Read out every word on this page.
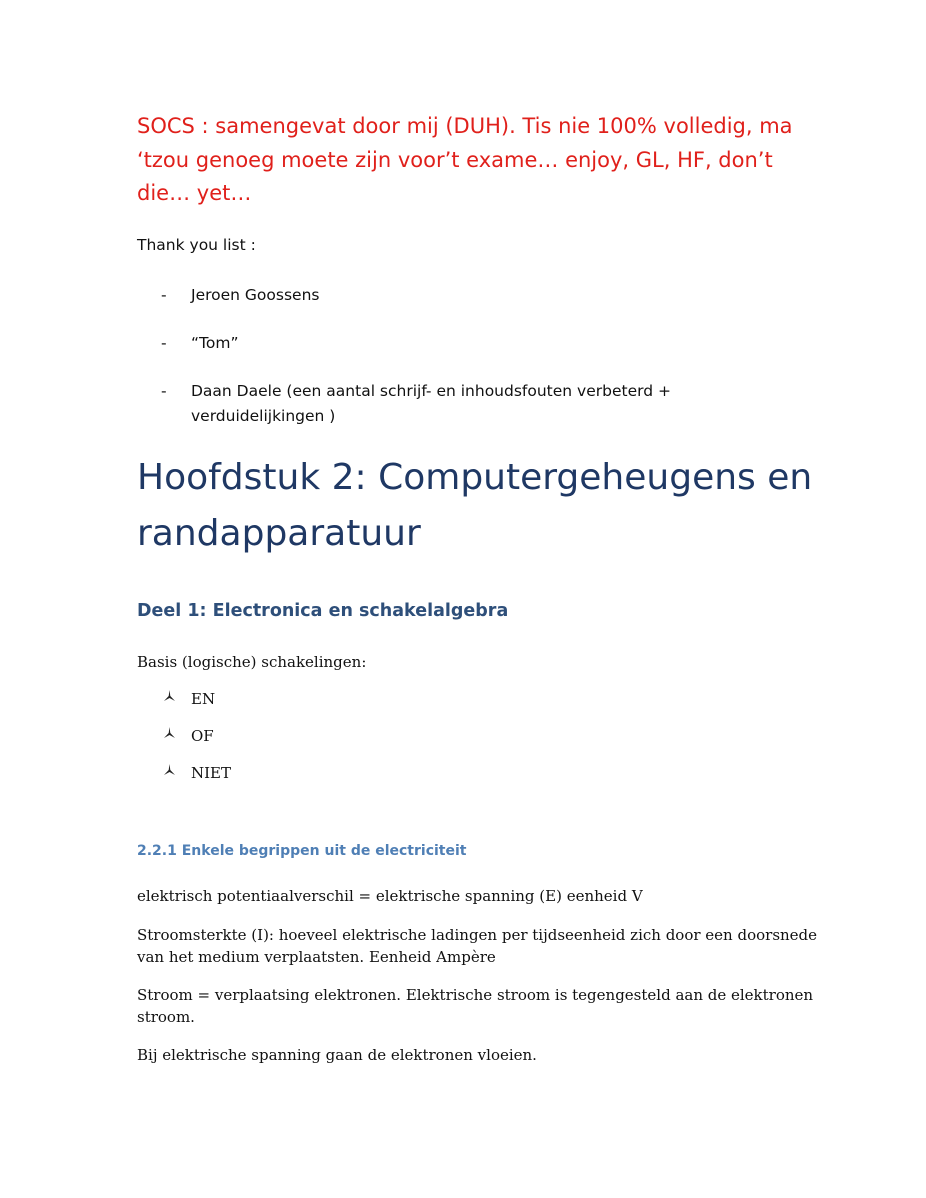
SOCS : samengevat door mij (DUH). Tis nie 100% volledig, ma
‘tzou genoeg moete zijn voor’t exame… enjoy, GL, HF, don’t
die… yet…

Thank you list :

- Jeroen Goossens
- “Tom”
- Daan Daele (een aantal schrijf- en inhoudsfouten verbeterd +
verduidelijkingen )
Hoofdstuk 2: Computergeheugens en
randapparatuur
Deel 1: Electronica en schakelalgebra

Basis (logische) schakelingen:

EN
OF
NIET
2.2.1 Enkele begrippen uit de electriciteit

elektrisch potentiaalverschil = elektrische spanning (E) eenheid V

Stroomsterkte (I): hoeveel elektrische ladingen per tijdseenheid zich door een doorsnede

van het medium verplaatsten. Eenheid Ampère

Stroom = verplaatsing elektronen. Elektrische stroom is tegengesteld aan de elektronen

stroom.

Bij elektrische spanning gaan de elektronen vloeien.
